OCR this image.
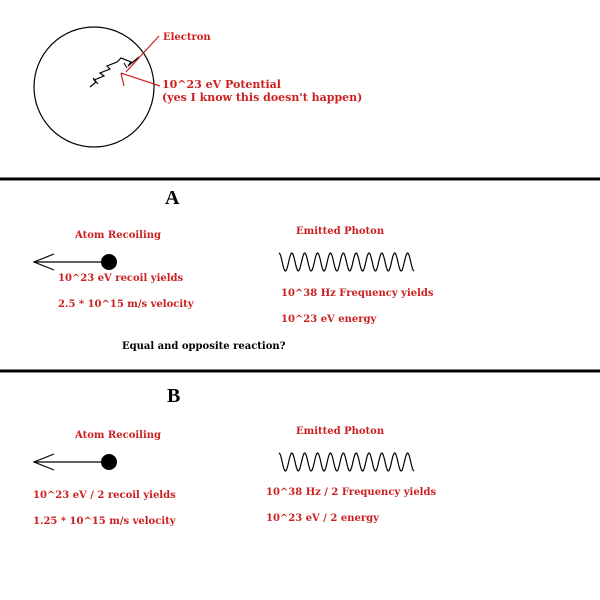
Electron
10^23 eV Potential
(yes I know this doesn't happen)
A
Atom Recoiling
10^23 eV recoil yields
2.5 * 10^15 m/s velocity
Emitted Photon
10^38 Hz Frequency yields
10^23 eV energy
Equal and opposite reaction?
B
Atom Recoiling
10^23 eV / 2 recoil yields
1.25 * 10^15 m/s velocity
Emitted Photon
10^38 Hz / 2 Frequency yields
10^23 eV / 2 energy
